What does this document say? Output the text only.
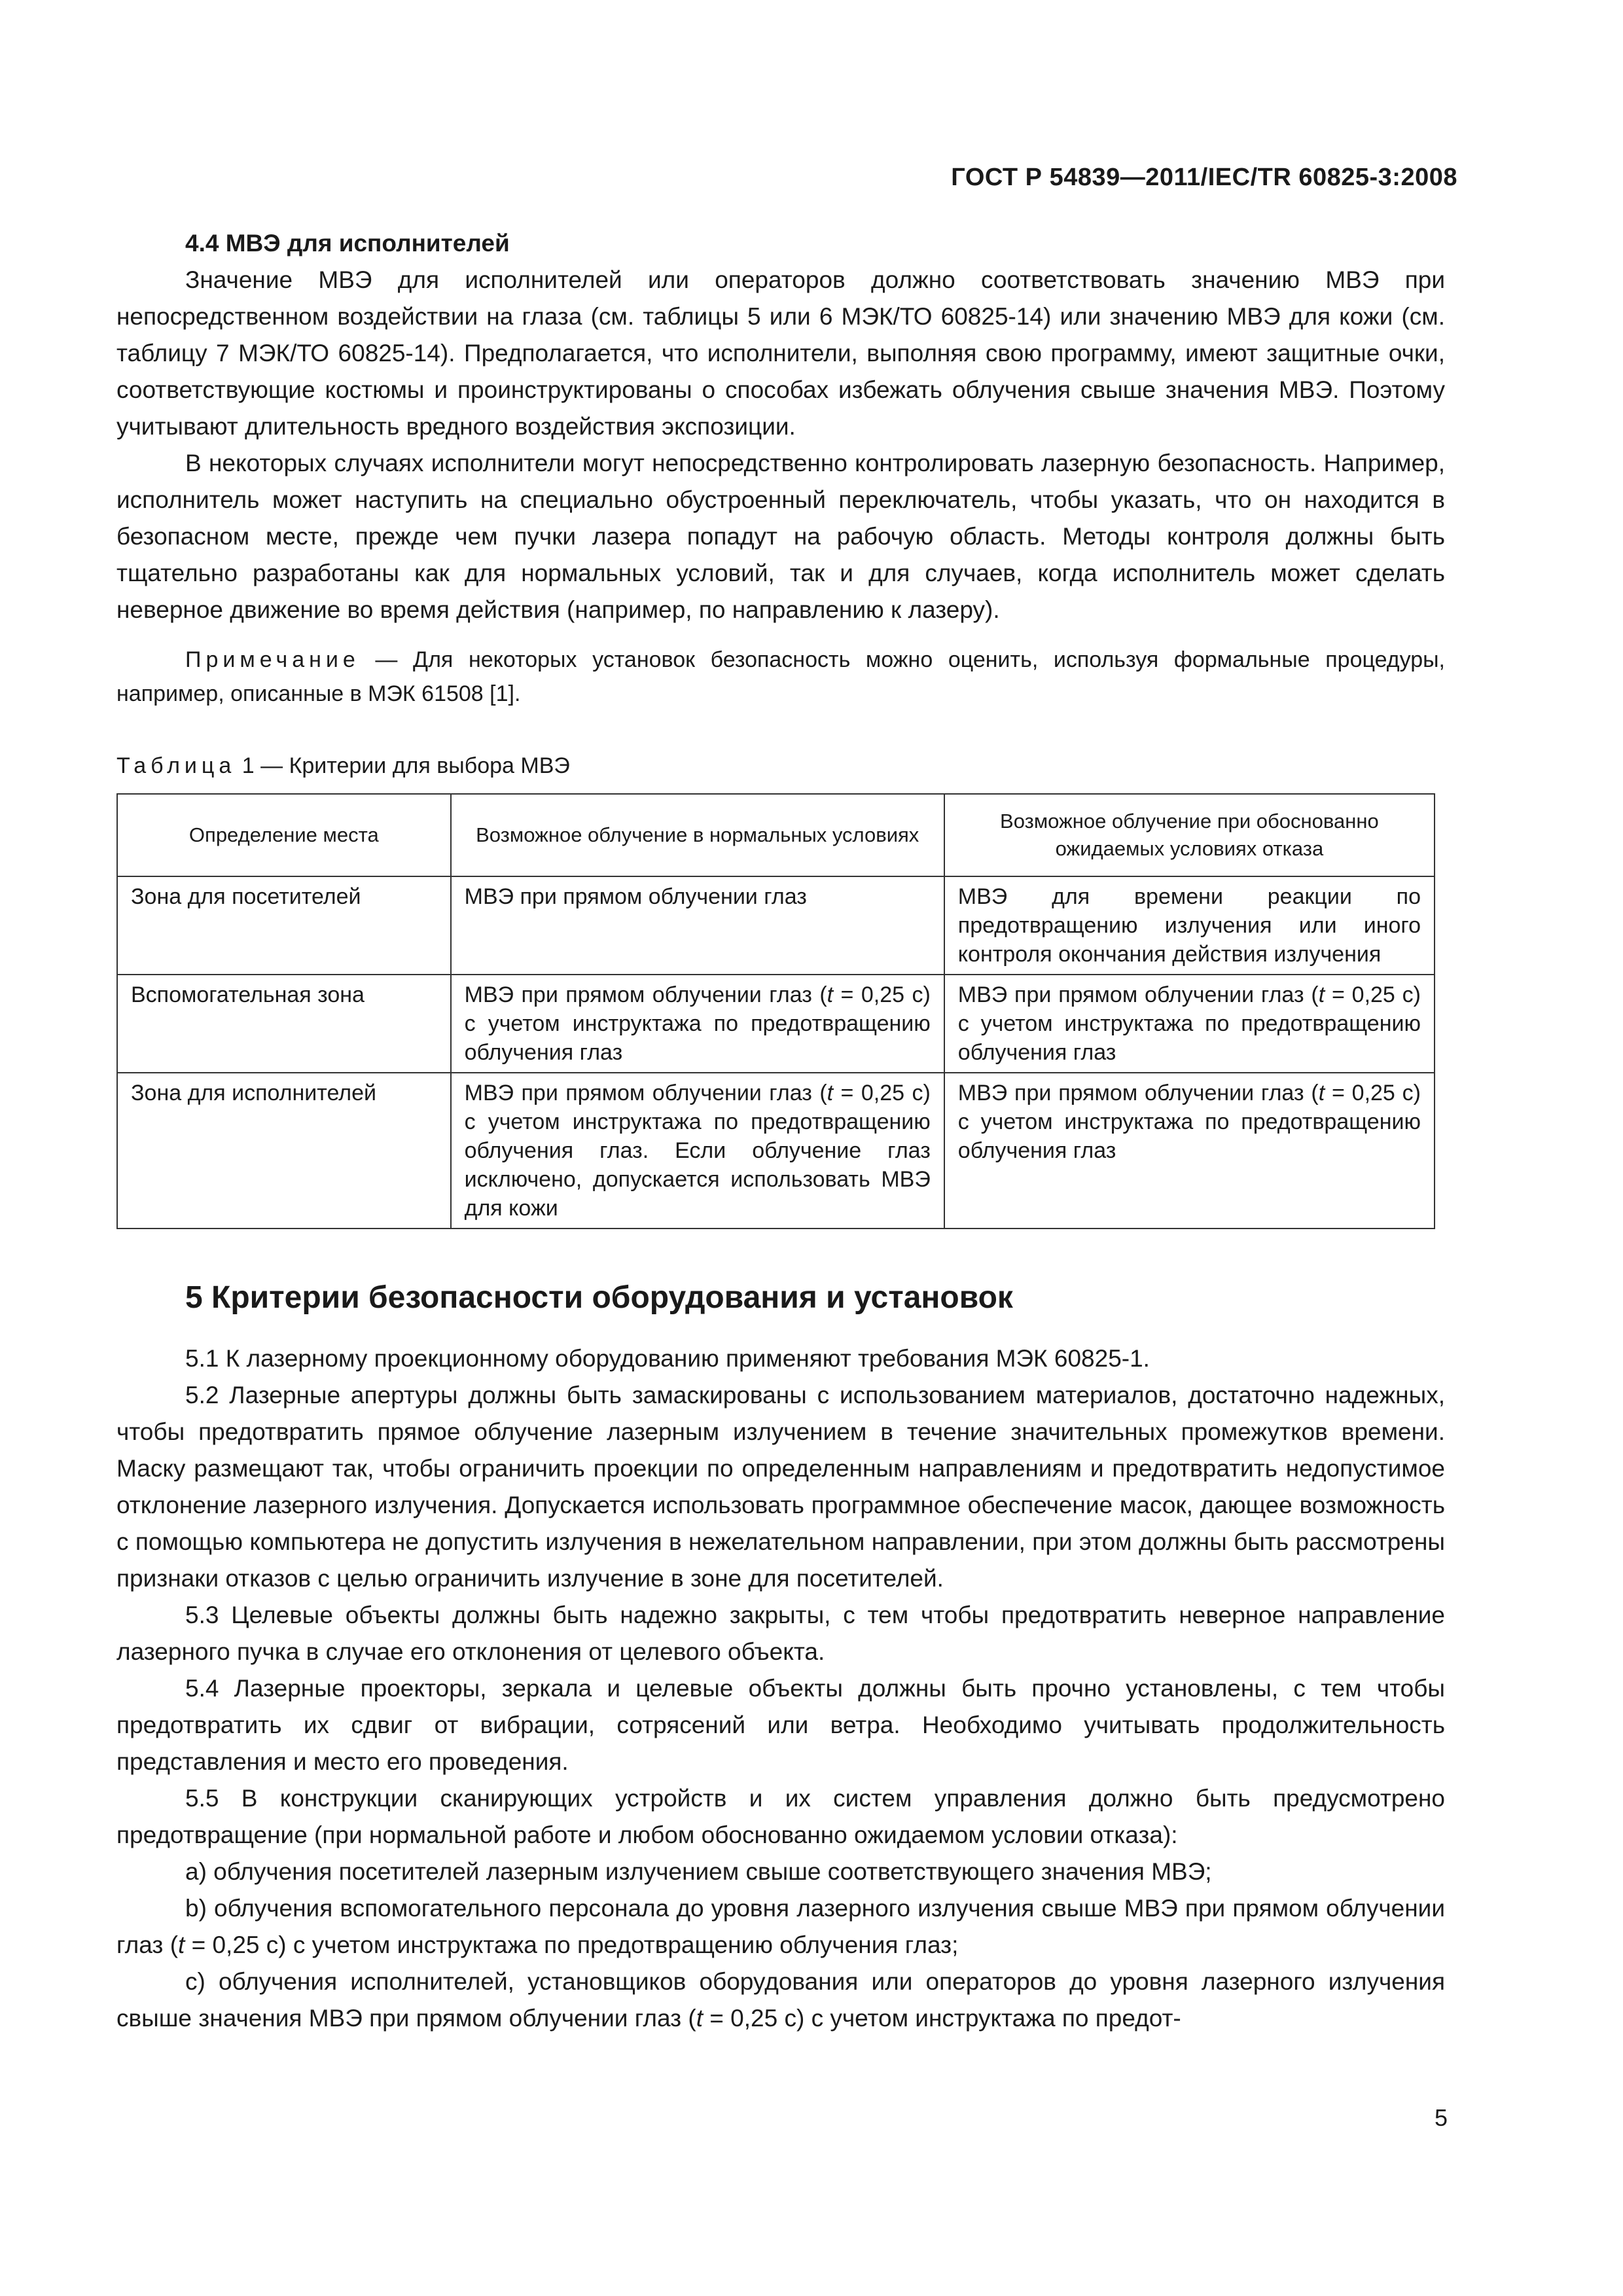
ГОСТ Р 54839—2011/IEC/TR 60825-3:2008

4.4 МВЭ для исполнителей

Значение МВЭ для исполнителей или операторов должно соответствовать значению МВЭ при непосредственном воздействии на глаза (см. таблицы 5 или 6 МЭК/ТО 60825-14) или значению МВЭ для кожи (см. таблицу 7 МЭК/ТО 60825-14). Предполагается, что исполнители, выполняя свою программу, имеют защитные очки, соответствующие костюмы и проинструктированы о способах избежать облучения свыше значения МВЭ. Поэтому учитывают длительность вредного воздействия экспозиции.

В некоторых случаях исполнители могут непосредственно контролировать лазерную безопасность. Например, исполнитель может наступить на специально обустроенный переключатель, чтобы указать, что он находится в безопасном месте, прежде чем пучки лазера попадут на рабочую область. Методы контроля должны быть тщательно разработаны как для нормальных условий, так и для случаев, когда исполнитель может сделать неверное движение во время действия (например, по направлению к лазеру).

Примечание — Для некоторых установок безопасность можно оценить, используя формальные процедуры, например, описанные в МЭК 61508 [1].

Таблица 1 — Критерии для выбора МВЭ
Определение места	Возможное облучение в нормальных условиях	Возможное облучение при обоснованно ожидаемых условиях отказа
Зона для посетителей	МВЭ при прямом облучении глаз	МВЭ для времени реакции по предотвращению излучения или иного контроля окончания действия излучения
Вспомогательная зона	МВЭ при прямом облучении глаз (t = 0,25 с) с учетом инструктажа по предотвращению облучения глаз	МВЭ при прямом облучении глаз (t = 0,25 с) с учетом инструктажа по предотвращению облучения глаз
Зона для исполнителей	МВЭ при прямом облучении глаз (t = 0,25 с) с учетом инструктажа по предотвращению облучения глаз. Если облучение глаз исключено, допускается использовать МВЭ для кожи	МВЭ при прямом облучении глаз (t = 0,25 с) с учетом инструктажа по предотвращению облучения глаз

5 Критерии безопасности оборудования и установок

5.1 К лазерному проекционному оборудованию применяют требования МЭК 60825-1.

5.2 Лазерные апертуры должны быть замаскированы с использованием материалов, достаточно надежных, чтобы предотвратить прямое облучение лазерным излучением в течение значительных промежутков времени. Маску размещают так, чтобы ограничить проекции по определенным направлениям и предотвратить недопустимое отклонение лазерного излучения. Допускается использовать программное обеспечение масок, дающее возможность с помощью компьютера не допустить излучения в нежелательном направлении, при этом должны быть рассмотрены признаки отказов с целью ограничить излучение в зоне для посетителей.

5.3 Целевые объекты должны быть надежно закрыты, с тем чтобы предотвратить неверное направление лазерного пучка в случае его отклонения от целевого объекта.

5.4 Лазерные проекторы, зеркала и целевые объекты должны быть прочно установлены, с тем чтобы предотвратить их сдвиг от вибрации, сотрясений или ветра. Необходимо учитывать продолжительность представления и место его проведения.

5.5 В конструкции сканирующих устройств и их систем управления должно быть предусмотрено предотвращение (при нормальной работе и любом обоснованно ожидаемом условии отказа):

a) облучения посетителей лазерным излучением свыше соответствующего значения МВЭ;

b) облучения вспомогательного персонала до уровня лазерного излучения свыше МВЭ при прямом облучении глаз (t = 0,25 с) с учетом инструктажа по предотвращению облучения глаз;

c) облучения исполнителей, установщиков оборудования или операторов до уровня лазерного излучения свыше значения МВЭ при прямом облучении глаз (t = 0,25 с) с учетом инструктажа по предот-

5
